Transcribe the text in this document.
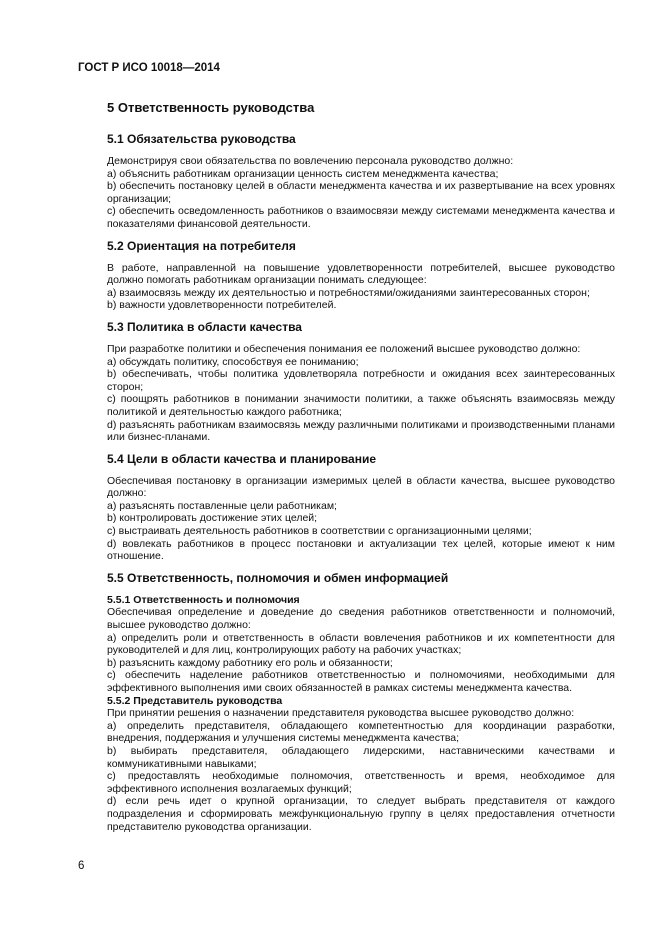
ГОСТ Р ИСО 10018—2014
5 Ответственность руководства
5.1 Обязательства руководства

Демонстрируя свои обязательства по вовлечению персонала руководство должно:

a) объяснить работникам организации ценность систем менеджмента качества;

b) обеспечить постановку целей в области менеджмента качества и их развертывание на всех уровнях организации;

c) обеспечить осведомленность работников о взаимосвязи между системами менеджмента качества и показателями финансовой деятельности.

5.2 Ориентация на потребителя

В работе, направленной на повышение удовлетворенности потребителей, высшее руководство должно помогать работникам организации понимать следующее:

a) взаимосвязь между их деятельностью и потребностями/ожиданиями заинтересованных сторон;

b) важности удовлетворенности потребителей.

5.3 Политика в области качества

При разработке политики и обеспечения понимания ее положений высшее руководство должно:

a) обсуждать политику, способствуя ее пониманию;

b) обеспечивать, чтобы политика удовлетворяла потребности и ожидания всех заинтересованных сторон;

c) поощрять работников в понимании значимости политики, а также объяснять взаимосвязь между политикой и деятельностью каждого работника;

d) разъяснять работникам взаимосвязь между различными политиками и производственными планами или бизнес-планами.

5.4 Цели в области качества и планирование

Обеспечивая постановку в организации измеримых целей в области качества, высшее руководство должно:

a) разъяснять поставленные цели работникам;

b) контролировать достижение этих целей;

c) выстраивать деятельность работников в соответствии с организационными целями;

d) вовлекать работников в процесс постановки и актуализации тех целей, которые имеют к ним отношение.

5.5 Ответственность, полномочия и обмен информацией
5.5.1 Ответственность и полномочия

Обеспечивая определение и доведение до сведения работников ответственности и полномочий, высшее руководство должно:

a) определить роли и ответственность в области вовлечения работников и их компетентности для руководителей и для лиц, контролирующих работу на рабочих участках;

b) разъяснить каждому работнику его роль и обязанности;

c) обеспечить наделение работников ответственностью и полномочиями, необходимыми для эффективного выполнения ими своих обязанностей в рамках системы менеджмента качества.

5.5.2 Представитель руководства

При принятии решения о назначении представителя руководства высшее руководство должно:

a) определить представителя, обладающего компетентностью для координации разработки, внедрения, поддержания и улучшения системы менеджмента качества;

b) выбирать представителя, обладающего лидерскими, наставническими качествами и коммуникативными навыками;

c) предоставлять необходимые полномочия, ответственность и время, необходимое для эффективного исполнения возлагаемых функций;

d) если речь идет о крупной организации, то следует выбрать представителя от каждого подразделения и сформировать межфункциональную группу в целях предоставления отчетности представителю руководства организации.

6
